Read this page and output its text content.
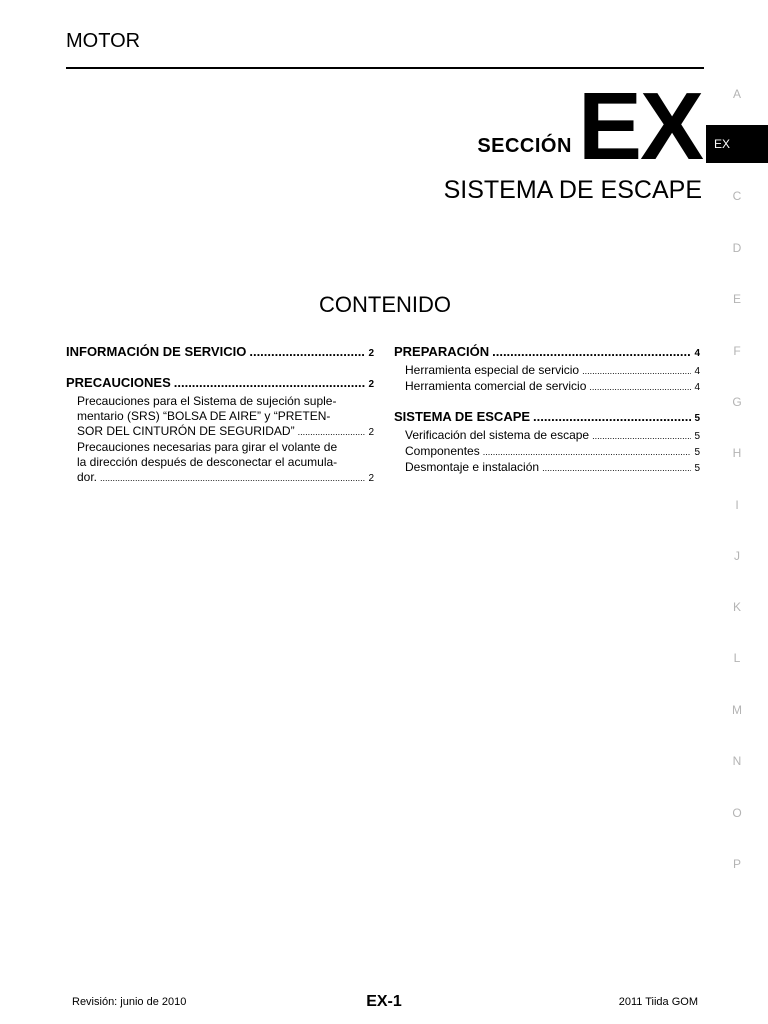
MOTOR
SECCIÓN EX
SISTEMA DE ESCAPE
CONTENIDO
INFORMACIÓN DE SERVICIO .....	2
PRECAUCIONES .....	2
Precauciones para el Sistema de sujeción suple-
mentario (SRS) “BOLSA DE AIRE” y “PRETEN-
SOR DEL CINTURÓN DE SEGURIDAD” .....	2
Precauciones necesarias para girar el volante de
la dirección después de desconectar el acumula-
dor. .....	2
PREPARACIÓN .....	4
Herramienta especial de servicio .....	4
Herramienta comercial de servicio .....	4
SISTEMA DE ESCAPE .....	5
Verificación del sistema de escape .....	5
Componentes .....	5
Desmontaje e instalación .....	5
A
EX
C
D
E
F
G
H
I
J
K
L
M
N
O
P
Revisión: junio de 2010	EX-1	2011 Tiida GOM
